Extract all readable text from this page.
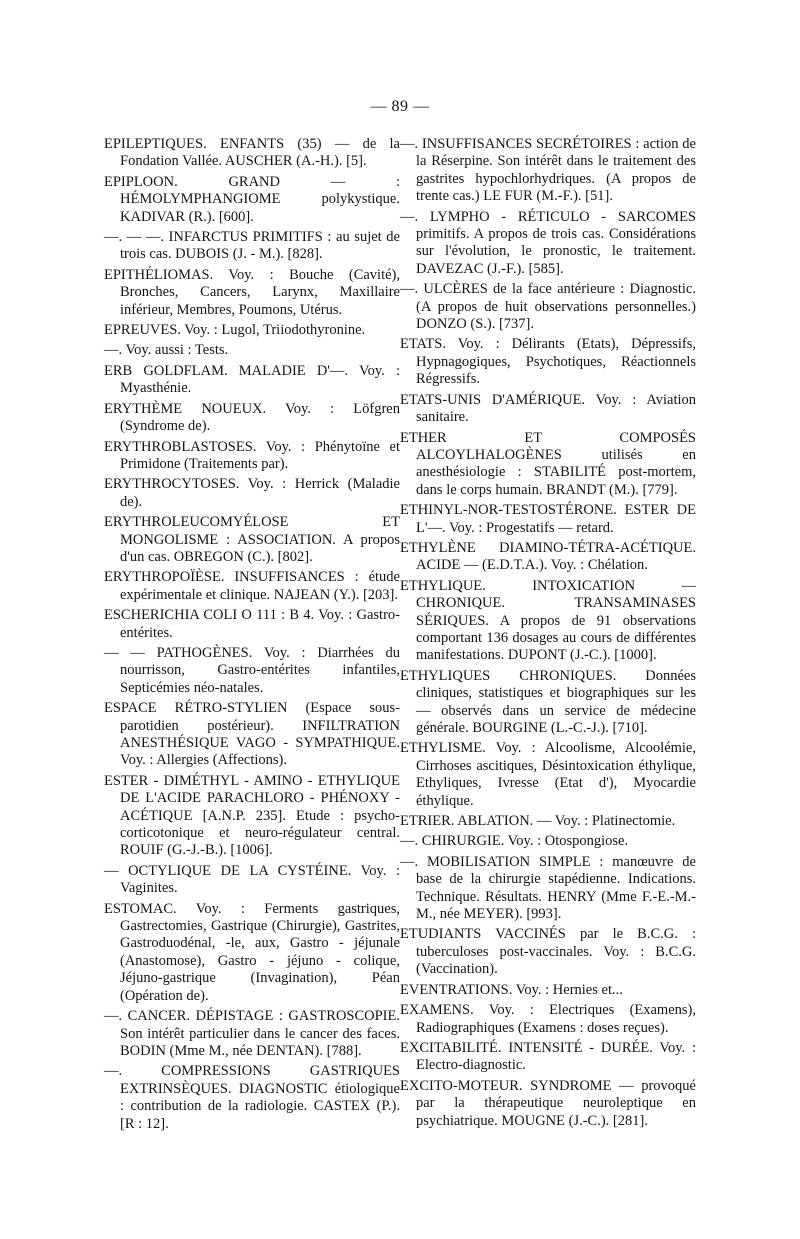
— 89 —

EPILEPTIQUES. ENFANTS (35) — de la Fondation Vallée. AUSCHER (A.-H.). [5].

EPIPLOON. GRAND — : HÉMOLYMPHANGIOME polykystique. KADIVAR (R.). [600].

—. — —. INFARCTUS PRIMITIFS : au sujet de trois cas. DUBOIS (J. - M.). [828].

EPITHÉLIOMAS. Voy. : Bouche (Cavité), Bronches, Cancers, Larynx, Maxillaire inférieur, Membres, Poumons, Utérus.

EPREUVES. Voy. : Lugol, Triiodothyronine.

—. Voy. aussi : Tests.

ERB GOLDFLAM. MALADIE D'—. Voy. : Myasthénie.

ERYTHÈME NOUEUX. Voy. : Löfgren (Syndrome de).

ERYTHROBLASTOSES. Voy. : Phénytoïne et Primidone (Traitements par).

ERYTHROCYTOSES. Voy. : Herrick (Maladie de).

ERYTHROLEUCOMYÉLOSE ET MONGOLISME : ASSOCIATION. A propos d'un cas. OBREGON (C.). [802].

ERYTHROPOÏÈSE. INSUFFISANCES : étude expérimentale et clinique. NAJEAN (Y.). [203].

ESCHERICHIA COLI O 111 : B 4. Voy. : Gastro-entérites.

— — PATHOGÈNES. Voy. : Diarrhées du nourrisson, Gastro-entérites infantiles, Septicémies néo-natales.

ESPACE RÉTRO-STYLIEN (Espace sous-parotidien postérieur). INFILTRATION ANESTHÉSIQUE VAGO - SYMPATHIQUE. Voy. : Allergies (Affections).

ESTER - DIMÉTHYL - AMINO - ETHYLIQUE DE L'ACIDE PARACHLORO - PHÉNOXY - ACÉTIQUE [A.N.P. 235]. Etude : psycho-corticotonique et neuro-régulateur central. ROUIF (G.-J.-B.). [1006].

— OCTYLIQUE DE LA CYSTÉINE. Voy. : Vaginites.

ESTOMAC. Voy. : Ferments gastriques, Gastrectomies, Gastrique (Chirurgie), Gastrites, Gastroduodénal, -le, aux, Gastro - jéjunale (Anastomose), Gastro - jéjuno - colique, Jéjuno-gastrique (Invagination), Péan (Opération de).

—. CANCER. DÉPISTAGE : GASTROSCOPIE. Son intérêt particulier dans le cancer des faces. BODIN (Mme M., née DENTAN). [788].

—. COMPRESSIONS GASTRIQUES EXTRINSÈQUES. DIAGNOSTIC étiologique : contribution de la radiologie. CASTEX (P.). [R : 12].

—. INSUFFISANCES SECRÉTOIRES : action de la Réserpine. Son intérêt dans le traitement des gastrites hypochlorhydriques. (A propos de trente cas.) LE FUR (M.-F.). [51].

—. LYMPHO - RÉTICULO - SARCOMES primitifs. A propos de trois cas. Considérations sur l'évolution, le pronostic, le traitement. DAVEZAC (J.-F.). [585].

—. ULCÈRES de la face antérieure : Diagnostic. (A propos de huit observations personnelles.) DONZO (S.). [737].

ETATS. Voy. : Délirants (Etats), Dépressifs, Hypnagogiques, Psychotiques, Réactionnels Régressifs.

ETATS-UNIS D'AMÉRIQUE. Voy. : Aviation sanitaire.

ETHER ET COMPOSÉS ALCOYLHALOGÈNES utilisés en anesthésiologie : STABILITÉ post-mortem, dans le corps humain. BRANDT (M.). [779].

ETHINYL-NOR-TESTOSTÉRONE. ESTER DE L'—. Voy. : Progestatifs — retard.

ETHYLÈNE DIAMINO-TÉTRA-ACÉTIQUE. ACIDE — (E.D.T.A.). Voy. : Chélation.

ETHYLIQUE. INTOXICATION — CHRONIQUE. TRANSAMINASES SÉRIQUES. A propos de 91 observations comportant 136 dosages au cours de différentes manifestations. DUPONT (J.-C.). [1000].

ETHYLIQUES CHRONIQUES. Données cliniques, statistiques et biographiques sur les — observés dans un service de médecine générale. BOURGINE (L.-C.-J.). [710].

ETHYLISME. Voy. : Alcoolisme, Alcoolémie, Cirrhoses ascitiques, Désintoxication éthylique, Ethyliques, Ivresse (Etat d'), Myocardie éthylique.

ETRIER. ABLATION. — Voy. : Platinectomie.

—. CHIRURGIE. Voy. : Otospongiose.

—. MOBILISATION SIMPLE : manœuvre de base de la chirurgie stapédienne. Indications. Technique. Résultats. HENRY (Mme F.-E.-M.-M., née MEYER). [993].

ETUDIANTS VACCINÉS par le B.C.G. : tuberculoses post-vaccinales. Voy. : B.C.G. (Vaccination).

EVENTRATIONS. Voy. : Hernies et...

EXAMENS. Voy. : Electriques (Examens), Radiographiques (Examens : doses reçues).

EXCITABILITÉ. INTENSITÉ - DURÉE. Voy. : Electro-diagnostic.

EXCITO-MOTEUR. SYNDROME — provoqué par la thérapeutique neuroleptique en psychiatrique. MOUGNE (J.-C.). [281].
